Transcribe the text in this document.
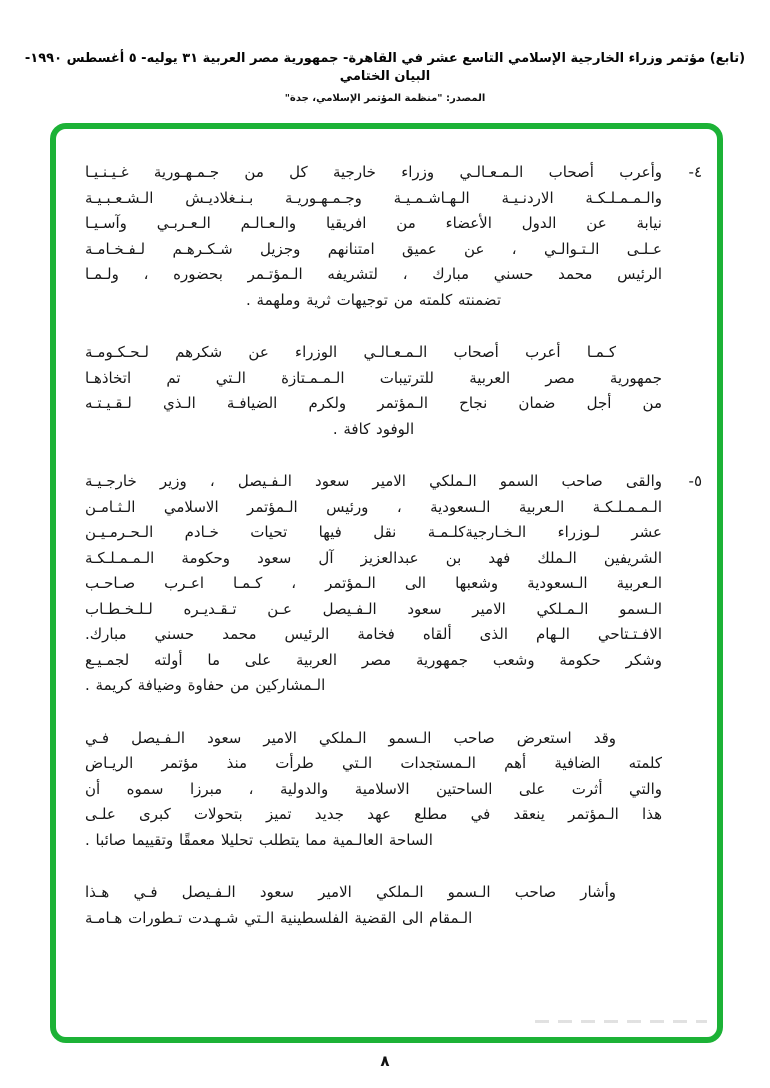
(تابع) مؤتمر وزراء الخارجية الإسلامي التاسع عشر في القاهرة- جمهورية مصر العربية ٣١ يوليه- ٥ أغسطس ١٩٩٠- البيان الختامي
المصدر: "منظمة المؤتمر الإسلامي، جدة"
٤-
وأعرب أصحاب الـمـعـالـي وزراء خارجية كل من جـمـهـورية غـيـنـيـا
والـمـمـلـكـة الاردنـيـة الـهـاشـمـيـة وجـمـهـوريـة بـنـغلاديـش الـشـعـبـيـة
نيابة عن الدول الأعضاء من افريقيا والـعـالـم الـعـربـي وآسـيـا
عـلـى الـتـوالـي ، عن عميق امتنانهم وجزيل شـكـرهـم لـفـخـامـة
الرئيس محمد حسني مبارك ، لتشريفه الـمؤتـمر بحضوره ، ولـمـا
تضمنته كلمته من توجيهات ثرية وملهمة .
كـمـا أعرب أصحاب الـمـعـالـي الوزراء عن شكرهم لـحـكـومـة
جمهورية مصر العربية للترتيبات الـمـمـتازة الـتي تم اتخاذهـا
من أجل ضمان نجاح الـمؤتمر ولكرم الضيافـة الـذي لـقـيـتـه
الوفود كافة .
٥-
والقى صاحب السمو الـملكي الامير سعود الـفـيصل ، وزير خارجـيـة
الـمـمـلـكـة الـعربية الـسعودية ، ورئيس الـمؤتمر الاسلامي الـثـامـن
عشر لـوزراء الـخـارجيةكلـمـة نقل فيها تحيات خـادم الـحـرمـيـن
الشريفين الـملك فهد بن عبدالعزيز آل سعود وحكومة الـمـمـلـكـة
الـعربية الـسعودية وشعبها الى الـمؤتمر ، كـمـا اعـرب صـاحـب
الـسمو الـمـلكي الامير سعود الـفـيصل عـن تـقـديـره لـلـخـطـاب
الافـتـتاحي الـهام الذى ألقاه فخامة الرئيس محمد حسني مبارك.
وشكر حكومة وشعب جمهورية مصر العربية على ما أولته لجمـيـع
الـمشاركين من حفاوة وضيافة كريمة .
وقد استعرض صاحب الـسمو الـملكي الامير سعود الـفـيصل فـي
كلمته الضافية أهم الـمستجدات الـتي طرأت منذ مؤتمر الريـاض
والتي أثرت على الساحتين الاسلامية والدولية ، مبرزا سموه أن
هذا الـمؤتمر ينعقد في مطلع عهد جديد تميز بتحولات كبرى علـى
الساحة العالـمية مما يتطلب تحليلا معمقًا وتقييما صائبا .
وأشار صاحب الـسمو الـملكي الامير سعود الـفـيصل فـي هـذا
الـمقام الى القضية الفلسطينية الـتي شـهـدت تـطورات هـامـة
٨
